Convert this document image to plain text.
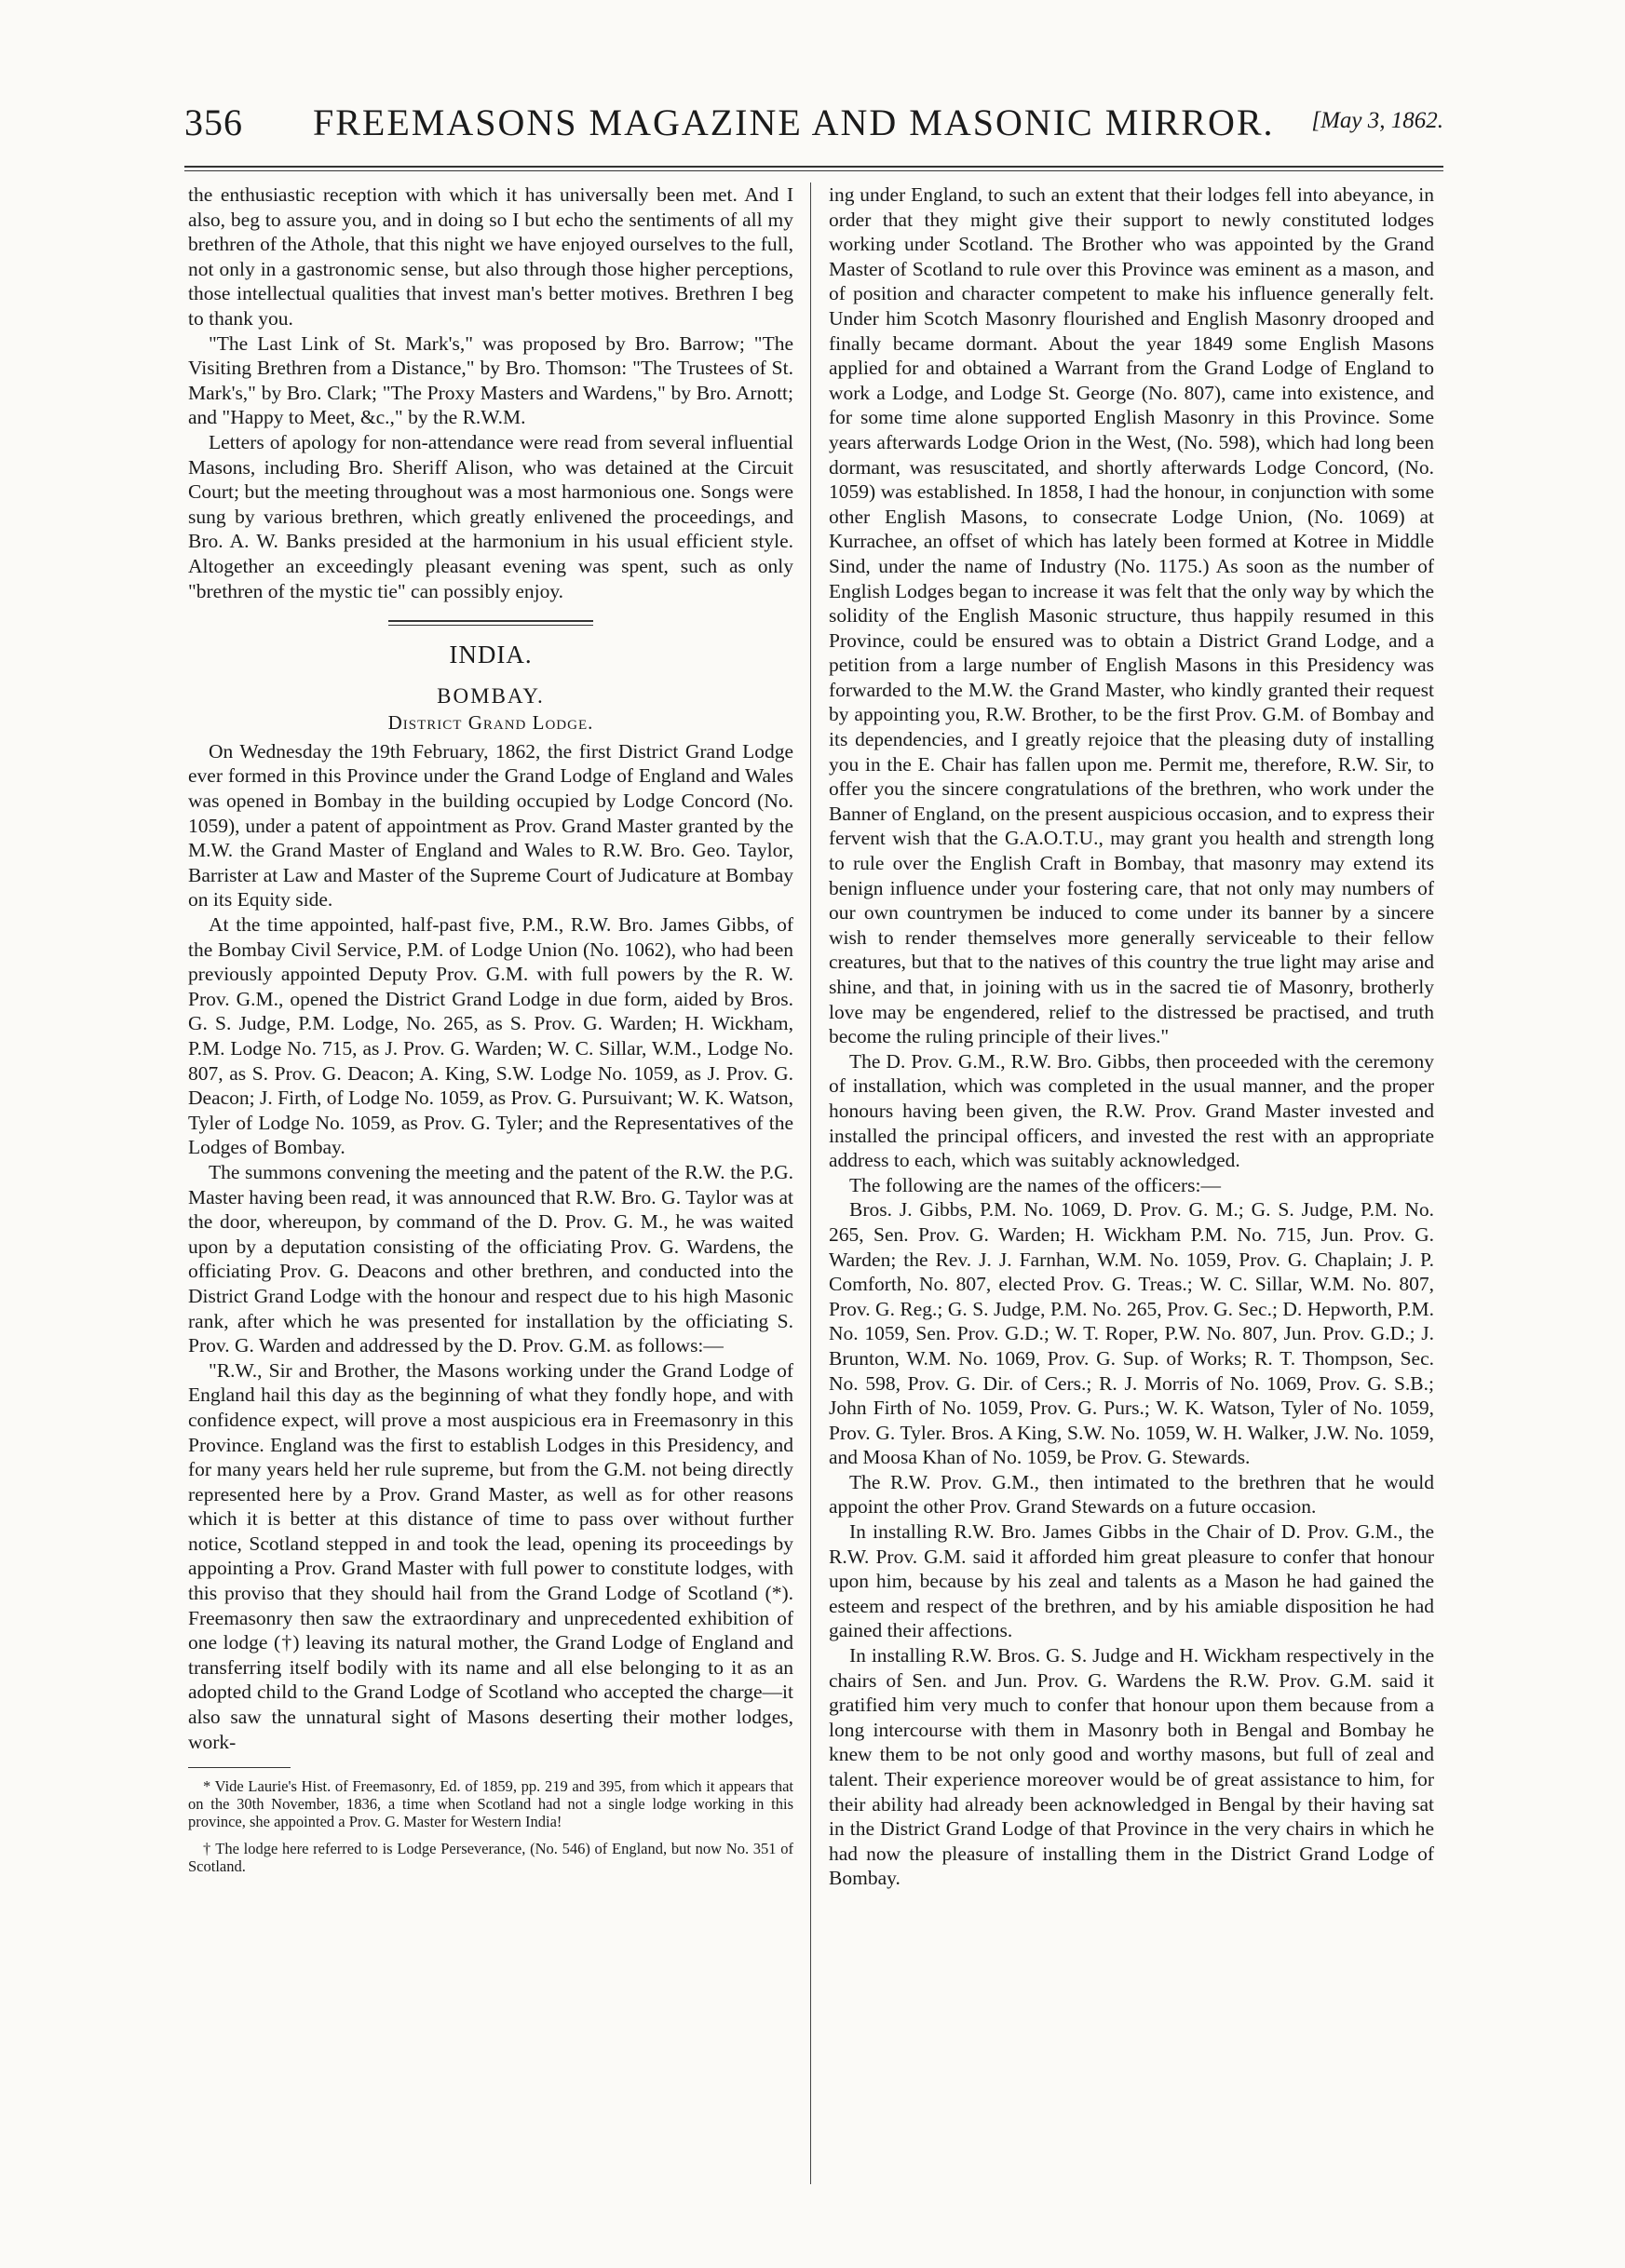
356 FREEMASONS MAGAZINE AND MASONIC MIRROR. [May 3, 1862.

the enthusiastic reception with which it has universally been met. And I also, beg to assure you, and in doing so I but echo the sentiments of all my brethren of the Athole, that this night we have enjoyed ourselves to the full, not only in a gastronomic sense, but also through those higher perceptions, those intellectual qualities that invest man's better motives. Brethren I beg to thank you.

"The Last Link of St. Mark's," was proposed by Bro. Barrow; "The Visiting Brethren from a Distance," by Bro. Thomson: "The Trustees of St. Mark's," by Bro. Clark; "The Proxy Masters and Wardens," by Bro. Arnott; and "Happy to Meet, &c.," by the R.W.M.

Letters of apology for non-attendance were read from several influential Masons, including Bro. Sheriff Alison, who was detained at the Circuit Court; but the meeting throughout was a most harmonious one. Songs were sung by various brethren, which greatly enlivened the proceedings, and Bro. A. W. Banks presided at the harmonium in his usual efficient style. Altogether an exceedingly pleasant evening was spent, such as only "brethren of the mystic tie" can possibly enjoy.

INDIA.
BOMBAY.
District Grand Lodge.

On Wednesday the 19th February, 1862, the first District Grand Lodge ever formed in this Province under the Grand Lodge of England and Wales was opened in Bombay in the building occupied by Lodge Concord (No. 1059), under a patent of appointment as Prov. Grand Master granted by the M.W. the Grand Master of England and Wales to R.W. Bro. Geo. Taylor, Barrister at Law and Master of the Supreme Court of Judicature at Bombay on its Equity side.

At the time appointed, half-past five, P.M., R.W. Bro. James Gibbs, of the Bombay Civil Service, P.M. of Lodge Union (No. 1062), who had been previously appointed Deputy Prov. G.M. with full powers by the R. W. Prov. G.M., opened the District Grand Lodge in due form, aided by Bros. G. S. Judge, P.M. Lodge, No. 265, as S. Prov. G. Warden; H. Wickham, P.M. Lodge No. 715, as J. Prov. G. Warden; W. C. Sillar, W.M., Lodge No. 807, as S. Prov. G. Deacon; A. King, S.W. Lodge No. 1059, as J. Prov. G. Deacon; J. Firth, of Lodge No. 1059, as Prov. G. Pursuivant; W. K. Watson, Tyler of Lodge No. 1059, as Prov. G. Tyler; and the Representatives of the Lodges of Bombay.

The summons convening the meeting and the patent of the R.W. the P.G. Master having been read, it was announced that R.W. Bro. G. Taylor was at the door, whereupon, by command of the D. Prov. G. M., he was waited upon by a deputation consisting of the officiating Prov. G. Wardens, the officiating Prov. G. Deacons and other brethren, and conducted into the District Grand Lodge with the honour and respect due to his high Masonic rank, after which he was presented for installation by the officiating S. Prov. G. Warden and addressed by the D. Prov. G.M. as follows:—

"R.W., Sir and Brother, the Masons working under the Grand Lodge of England hail this day as the beginning of what they fondly hope, and with confidence expect, will prove a most auspicious era in Freemasonry in this Province. England was the first to establish Lodges in this Presidency, and for many years held her rule supreme, but from the G.M. not being directly represented here by a Prov. Grand Master, as well as for other reasons which it is better at this distance of time to pass over without further notice, Scotland stepped in and took the lead, opening its proceedings by appointing a Prov. Grand Master with full power to constitute lodges, with this proviso that they should hail from the Grand Lodge of Scotland (*). Freemasonry then saw the extraordinary and unprecedented exhibition of one lodge (†) leaving its natural mother, the Grand Lodge of England and transferring itself bodily with its name and all else belonging to it as an adopted child to the Grand Lodge of Scotland who accepted the charge—it also saw the unnatural sight of Masons deserting their mother lodges, work-

* Vide Laurie's Hist. of Freemasonry, Ed. of 1859, pp. 219 and 395, from which it appears that on the 30th November, 1836, a time when Scotland had not a single lodge working in this province, she appointed a Prov. G. Master for Western India!
† The lodge here referred to is Lodge Perseverance, (No. 546) of England, but now No. 351 of Scotland.

ing under England, to such an extent that their lodges fell into abeyance, in order that they might give their support to newly constituted lodges working under Scotland. The Brother who was appointed by the Grand Master of Scotland to rule over this Province was eminent as a mason, and of position and character competent to make his influence generally felt. Under him Scotch Masonry flourished and English Masonry drooped and finally became dormant. About the year 1849 some English Masons applied for and obtained a Warrant from the Grand Lodge of England to work a Lodge, and Lodge St. George (No. 807), came into existence, and for some time alone supported English Masonry in this Province. Some years afterwards Lodge Orion in the West, (No. 598), which had long been dormant, was resuscitated, and shortly afterwards Lodge Concord, (No. 1059) was established. In 1858, I had the honour, in conjunction with some other English Masons, to consecrate Lodge Union, (No. 1069) at Kurrachee, an offset of which has lately been formed at Kotree in Middle Sind, under the name of Industry (No. 1175.) As soon as the number of English Lodges began to increase it was felt that the only way by which the solidity of the English Masonic structure, thus happily resumed in this Province, could be ensured was to obtain a District Grand Lodge, and a petition from a large number of English Masons in this Presidency was forwarded to the M.W. the Grand Master, who kindly granted their request by appointing you, R.W. Brother, to be the first Prov. G.M. of Bombay and its dependencies, and I greatly rejoice that the pleasing duty of installing you in the E. Chair has fallen upon me. Permit me, therefore, R.W. Sir, to offer you the sincere congratulations of the brethren, who work under the Banner of England, on the present auspicious occasion, and to express their fervent wish that the G.A.O.T.U., may grant you health and strength long to rule over the English Craft in Bombay, that masonry may extend its benign influence under your fostering care, that not only may numbers of our own countrymen be induced to come under its banner by a sincere wish to render themselves more generally serviceable to their fellow creatures, but that to the natives of this country the true light may arise and shine, and that, in joining with us in the sacred tie of Masonry, brotherly love may be engendered, relief to the distressed be practised, and truth become the ruling principle of their lives."

The D. Prov. G.M., R.W. Bro. Gibbs, then proceeded with the ceremony of installation, which was completed in the usual manner, and the proper honours having been given, the R.W. Prov. Grand Master invested and installed the principal officers, and invested the rest with an appropriate address to each, which was suitably acknowledged.

The following are the names of the officers:—

Bros. J. Gibbs, P.M. No. 1069, D. Prov. G. M.; G. S. Judge, P.M. No. 265, Sen. Prov. G. Warden; H. Wickham P.M. No. 715, Jun. Prov. G. Warden; the Rev. J. J. Farnhan, W.M. No. 1059, Prov. G. Chaplain; J. P. Comforth, No. 807, elected Prov. G. Treas.; W. C. Sillar, W.M. No. 807, Prov. G. Reg.; G. S. Judge, P.M. No. 265, Prov. G. Sec.; D. Hepworth, P.M. No. 1059, Sen. Prov. G.D.; W. T. Roper, P.W. No. 807, Jun. Prov. G.D.; J. Brunton, W.M. No. 1069, Prov. G. Sup. of Works; R. T. Thompson, Sec. No. 598, Prov. G. Dir. of Cers.; R. J. Morris of No. 1069, Prov. G. S.B.; John Firth of No. 1059, Prov. G. Purs.; W. K. Watson, Tyler of No. 1059, Prov. G. Tyler. Bros. A King, S.W. No. 1059, W. H. Walker, J.W. No. 1059, and Moosa Khan of No. 1059, be Prov. G. Stewards.

The R.W. Prov. G.M., then intimated to the brethren that he would appoint the other Prov. Grand Stewards on a future occasion.

In installing R.W. Bro. James Gibbs in the Chair of D. Prov. G.M., the R.W. Prov. G.M. said it afforded him great pleasure to confer that honour upon him, because by his zeal and talents as a Mason he had gained the esteem and respect of the brethren, and by his amiable disposition he had gained their affections.

In installing R.W. Bros. G. S. Judge and H. Wickham respectively in the chairs of Sen. and Jun. Prov. G. Wardens the R.W. Prov. G.M. said it gratified him very much to confer that honour upon them because from a long intercourse with them in Masonry both in Bengal and Bombay he knew them to be not only good and worthy masons, but full of zeal and talent. Their experience moreover would be of great assistance to him, for their ability had already been acknowledged in Bengal by their having sat in the District Grand Lodge of that Province in the very chairs in which he had now the pleasure of installing them in the District Grand Lodge of Bombay.
